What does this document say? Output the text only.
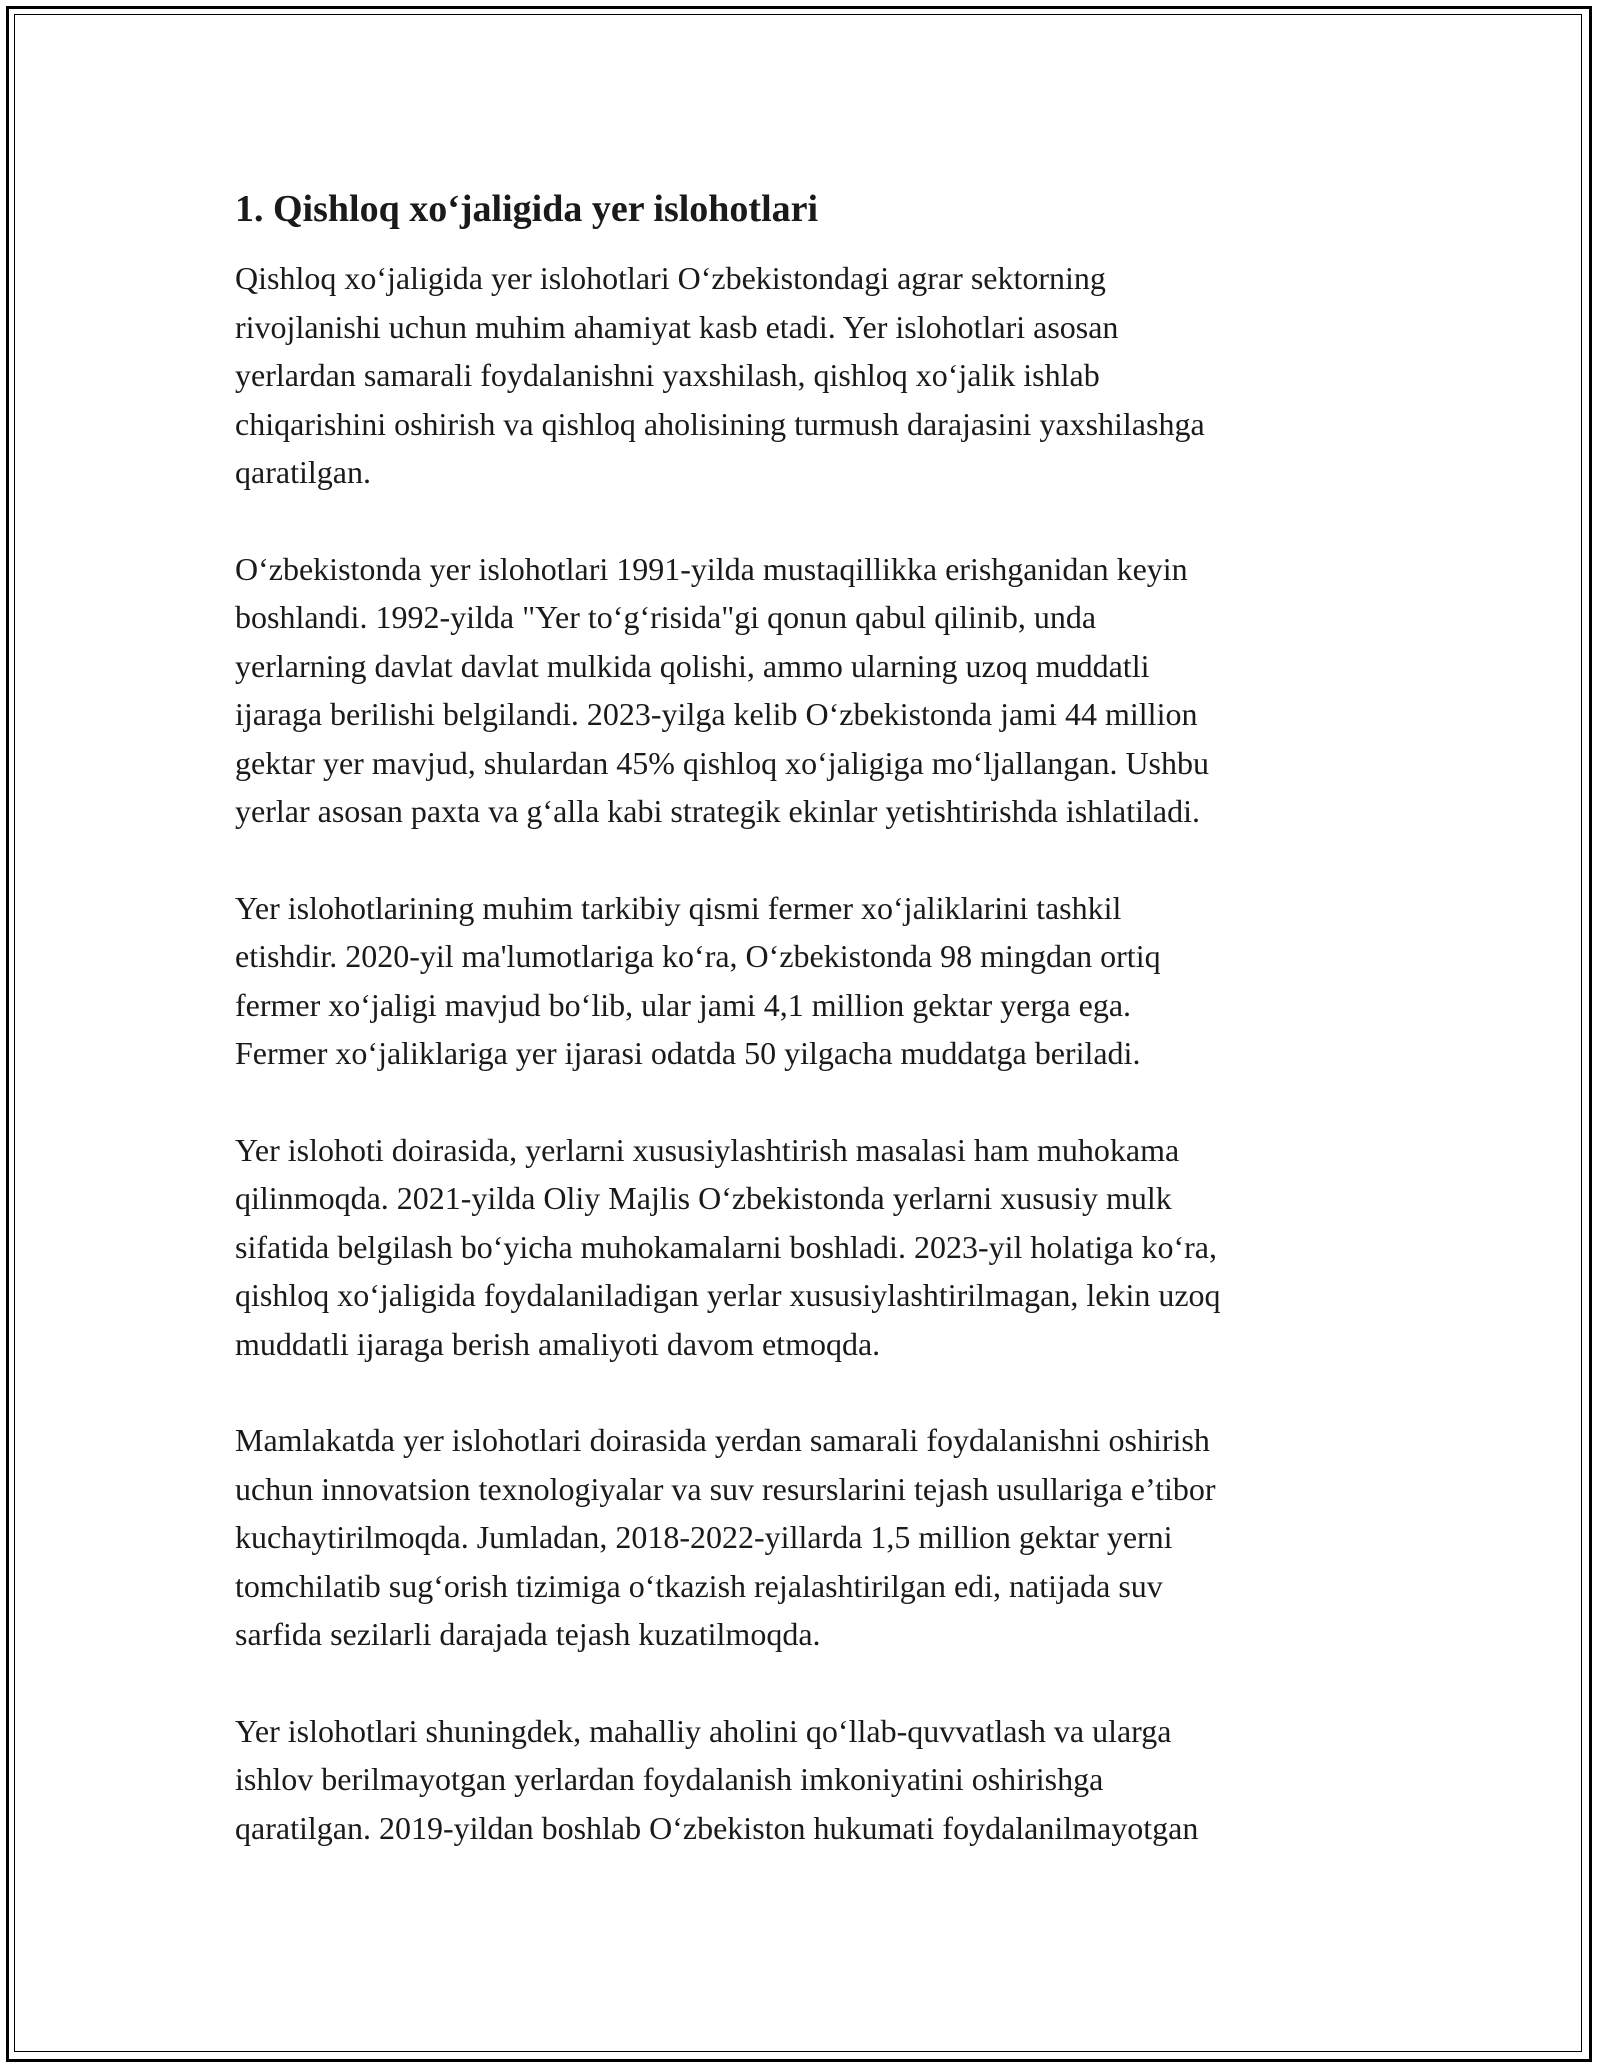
1. Qishloq xo‘jaligida yer islohotlari

Qishloq xo‘jaligida yer islohotlari O‘zbekistondagi agrar sektorning
rivojlanishi uchun muhim ahamiyat kasb etadi. Yer islohotlari asosan
yerlardan samarali foydalanishni yaxshilash, qishloq xo‘jalik ishlab
chiqarishini oshirish va qishloq aholisining turmush darajasini yaxshilashga
qaratilgan.

O‘zbekistonda yer islohotlari 1991-yilda mustaqillikka erishganidan keyin
boshlandi. 1992-yilda "Yer to‘g‘risida"gi qonun qabul qilinib, unda
yerlarning davlat davlat mulkida qolishi, ammo ularning uzoq muddatli
ijaraga berilishi belgilandi. 2023-yilga kelib O‘zbekistonda jami 44 million
gektar yer mavjud, shulardan 45% qishloq xo‘jaligiga mo‘ljallangan. Ushbu
yerlar asosan paxta va g‘alla kabi strategik ekinlar yetishtirishda ishlatiladi.

Yer islohotlarining muhim tarkibiy qismi fermer xo‘jaliklarini tashkil
etishdir. 2020-yil ma'lumotlariga ko‘ra, O‘zbekistonda 98 mingdan ortiq
fermer xo‘jaligi mavjud bo‘lib, ular jami 4,1 million gektar yerga ega.
Fermer xo‘jaliklariga yer ijarasi odatda 50 yilgacha muddatga beriladi.

Yer islohoti doirasida, yerlarni xususiylashtirish masalasi ham muhokama
qilinmoqda. 2021-yilda Oliy Majlis O‘zbekistonda yerlarni xususiy mulk
sifatida belgilash bo‘yicha muhokamalarni boshladi. 2023-yil holatiga ko‘ra,
qishloq xo‘jaligida foydalaniladigan yerlar xususiylashtirilmagan, lekin uzoq
muddatli ijaraga berish amaliyoti davom etmoqda.

Mamlakatda yer islohotlari doirasida yerdan samarali foydalanishni oshirish
uchun innovatsion texnologiyalar va suv resurslarini tejash usullariga e’tibor
kuchaytirilmoqda. Jumladan, 2018-2022-yillarda 1,5 million gektar yerni
tomchilatib sug‘orish tizimiga o‘tkazish rejalashtirilgan edi, natijada suv
sarfida sezilarli darajada tejash kuzatilmoqda.

Yer islohotlari shuningdek, mahalliy aholini qo‘llab-quvvatlash va ularga
ishlov berilmayotgan yerlardan foydalanish imkoniyatini oshirishga
qaratilgan. 2019-yildan boshlab O‘zbekiston hukumati foydalanilmayotgan
